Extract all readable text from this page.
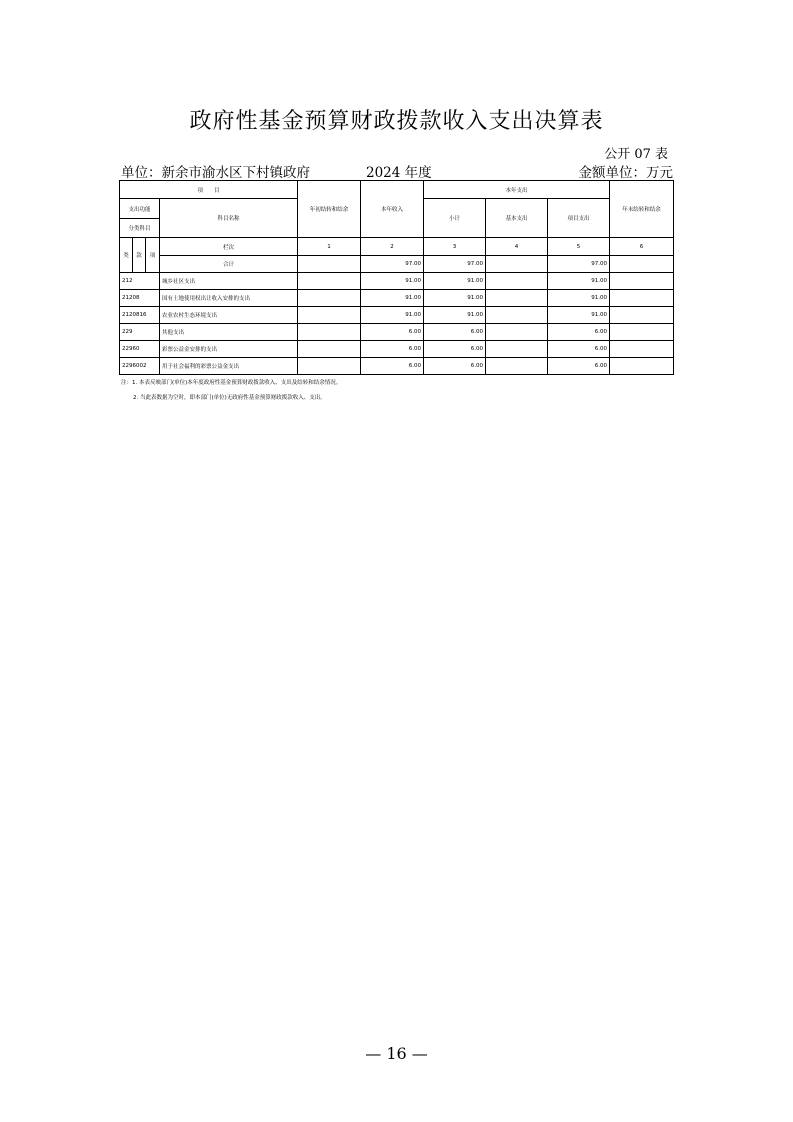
政府性基金预算财政拨款收入支出决算表
公开 07 表
单位：新余市渝水区下村镇政府	2024 年度	金额单位：万元
项　　目				年初结转和结余	本年收入	本年支出			年末结转和结余
支出功能			科目名称			小计	基本支出	项目支出	
分类科目									
类	款	项	栏次	1	2	3	4	5	6
			合计		97.00	97.00		97.00	
212			城乡社区支出		91.00	91.00		91.00	
21208			国有土地使用权出让收入安排的支出		91.00	91.00		91.00	
2120816			农业农村生态环境支出		91.00	91.00		91.00	
229			其他支出		6.00	6.00		6.00	
22960			彩票公益金安排的支出		6.00	6.00		6.00	
2296002			用于社会福利的彩票公益金支出		6.00	6.00		6.00	
注：1. 本表反映部门(单位)本年度政府性基金预算财政拨款收入、支出及结转和结余情况。
2. 当此表数据为空时，即本部门(单位)无政府性基金预算财政拨款收入、支出。
— 16 —
